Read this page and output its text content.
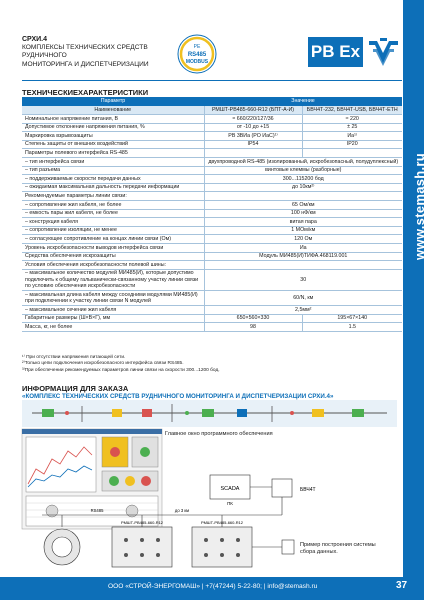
СРХИ.4
КОМПЛЕКСЫ ТЕХНИЧЕСКИХ СРЕДСТВ РУДНИЧНОГО
МОНИТОРИНГА И ДИСПЕТЧЕРИЗАЦИИ
PE
RS485
MODBUS
РВ Ex
www.stemash.ru
ТЕХНИЧЕСКИЕХАРАКТЕРИСТИКИ
Параметр	Значение	
Наименование	РМШТ-РВ485-660-R12 (БПТ-А-И)	БВЧ4Т-232, БВЧ4Т-USB, БВЧ4Т-ETH
Номинальное напряжение питания, В	≈ 660/220/127/36	≈ 220
Допустимое отклонение напряжения питания, %	от -10 до +15	± 25
Маркировка взрывозащиты	РВ 3ВИа (РО ИаС)¹⁾	Иа¹⁾
Степень защиты от внешних воздействий	IP54	IP20
Параметры полевого интерфейса RS-485		
– тип интерфейса связи	двухпроводной RS-485 (изолированный, искробезопасный, полудуплексный)	
– тип разъема	винтовые клеммы (разборные)	
– поддерживаемые скорости передачи данных	300...115200 бод	
– ожидаемая максимальная дальность передачи информации	до 10км²⁾	
Рекомендуемые параметры линии связи:		
– сопротивление жил кабеля, не более	65 Ом/км	
– емкость пары жил кабеля, не более	100 нФ/км	
– конструкция кабеля	витая пара	
– сопротивление изоляции, не менее	1 МОм/км	
– согласующее сопротивление на концах линии связи (Ом)	120 Ом	
Уровень искробезопасности выводов интерфейса связи	Иа	
Средства обеспечения искрозащиты	Модуль МИ485(И)ТИФА.468119.001	
Условия обеспечения искробезопасности полевой шины:		
– максимальное количество модулей МИ485(И), которые допустимо подключить к общему гальванически-связанному участку линии связи по условию обеспечения искробезопасности	30	
– максимальная длина кабеля между соседними модулями МИ485(И) при подключении к участку линии связи N модулей	60/N, км	
– максимальное сечение жил кабеля	2,5мм²	
Габаритные размеры (Ш×В×Г), мм	650×560×330	195×67×140
Масса, кг, не более	98	1.5
¹⁾ При отсутствии напряжения питающей сети.
²⁾Только цепи подключения искробезопасного интерфейса связи RS485.
³⁾При обеспечении рекомендуемых параметров линии связи на скорости 300...1200 бод.
ИНФОРМАЦИЯ ДЛЯ ЗАКАЗА
«КОМПЛЕКС ТЕХНИЧЕСКИХ СРЕДСТВ РУДНИЧНОГО МОНИТОРИНГА И ДИСПЕТЧЕРИЗАЦИИ СРХИ.4»
Главное окно программного обеспечения
SCADA
ПК
БВЧ4Т
RS485	до 3 км
РМШТ-РВ485-660-R12	РМШТ-РВ485-660-R12
Пример построения системы
сбора данных.
ООО «СТРОЙ-ЭНЕРГОМАШ» | +7(47244) 5-22-80; | info@stemash.ru	37
